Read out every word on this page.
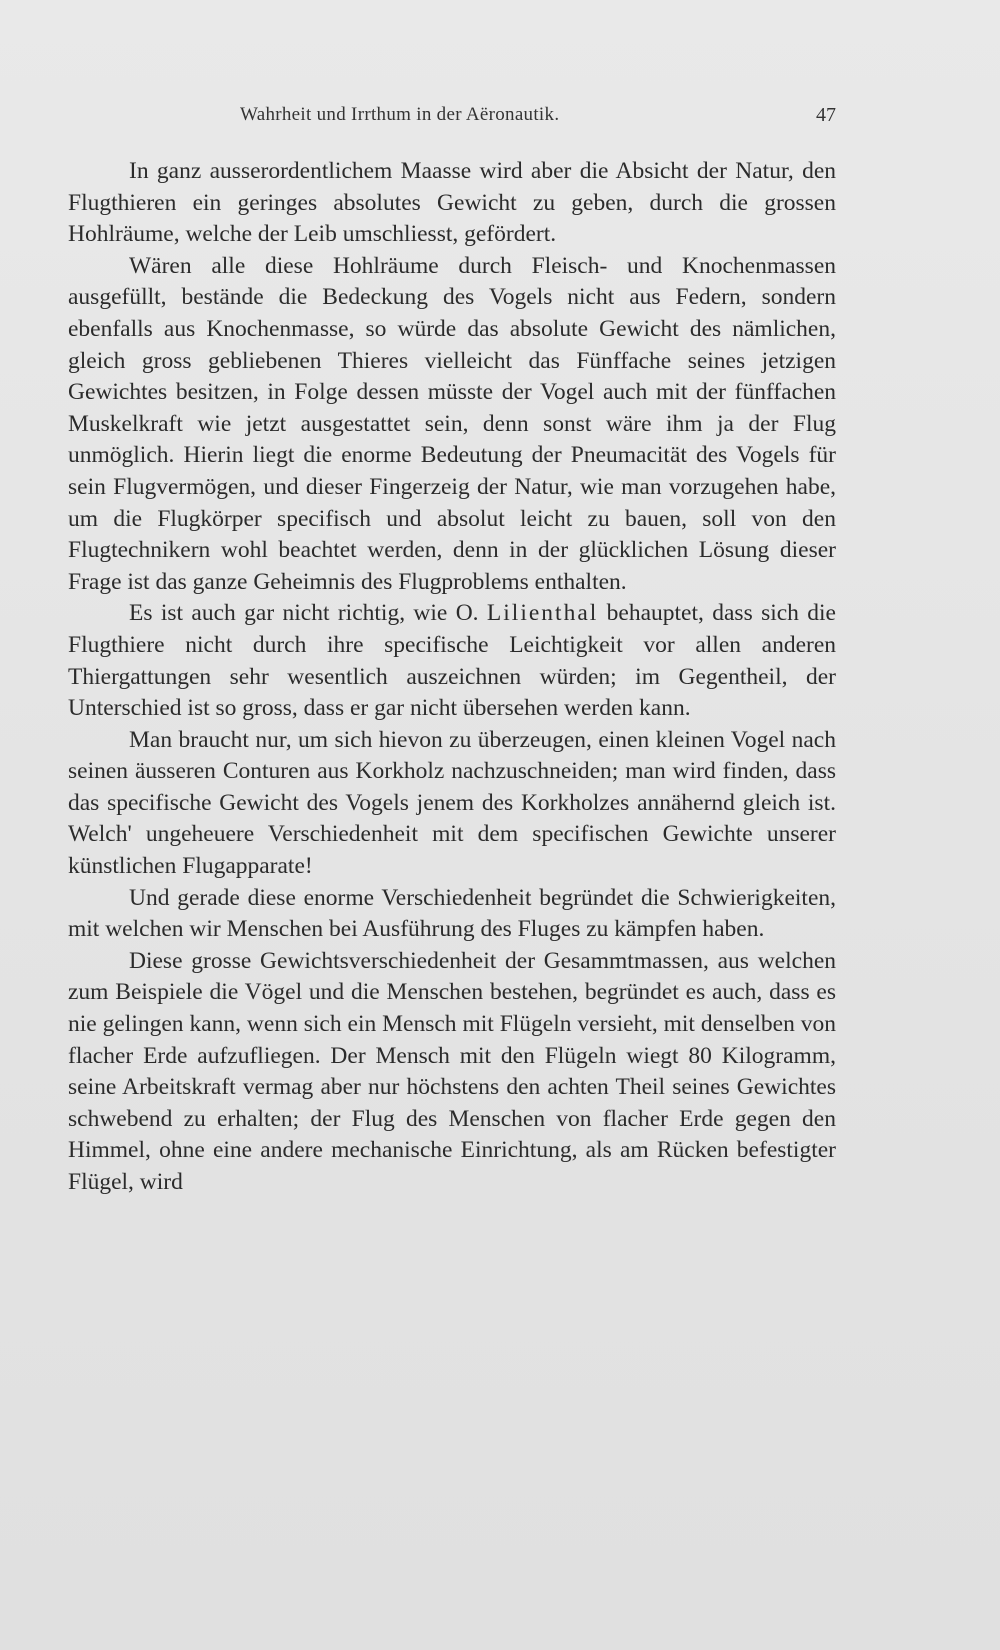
Wahrheit und Irrthum in der Aëronautik.	47

In ganz ausserordentlichem Maasse wird aber die Absicht der Natur, den Flugthieren ein geringes absolutes Gewicht zu geben, durch die grossen Hohlräume, welche der Leib umschliesst, gefördert.

Wären alle diese Hohlräume durch Fleisch- und Knochenmassen ausgefüllt, bestände die Bedeckung des Vogels nicht aus Federn, sondern ebenfalls aus Knochenmasse, so würde das absolute Gewicht des nämlichen, gleich gross gebliebenen Thieres vielleicht das Fünffache seines jetzigen Gewichtes besitzen, in Folge dessen müsste der Vogel auch mit der fünffachen Muskelkraft wie jetzt ausgestattet sein, denn sonst wäre ihm ja der Flug unmöglich. Hierin liegt die enorme Bedeutung der Pneumacität des Vogels für sein Flugvermögen, und dieser Fingerzeig der Natur, wie man vorzugehen habe, um die Flugkörper specifisch und absolut leicht zu bauen, soll von den Flugtechnikern wohl beachtet werden, denn in der glücklichen Lösung dieser Frage ist das ganze Geheimnis des Flugproblems enthalten.

Es ist auch gar nicht richtig, wie O. Lilienthal behauptet, dass sich die Flugthiere nicht durch ihre specifische Leichtigkeit vor allen anderen Thiergattungen sehr wesentlich auszeichnen würden; im Gegentheil, der Unterschied ist so gross, dass er gar nicht übersehen werden kann.

Man braucht nur, um sich hievon zu überzeugen, einen kleinen Vogel nach seinen äusseren Conturen aus Korkholz nachzuschneiden; man wird finden, dass das specifische Gewicht des Vogels jenem des Korkholzes annähernd gleich ist. Welch' ungeheuere Verschiedenheit mit dem specifischen Gewichte unserer künstlichen Flugapparate!

Und gerade diese enorme Verschiedenheit begründet die Schwierigkeiten, mit welchen wir Menschen bei Ausführung des Fluges zu kämpfen haben.

Diese grosse Gewichtsverschiedenheit der Gesammtmassen, aus welchen zum Beispiele die Vögel und die Menschen bestehen, begründet es auch, dass es nie gelingen kann, wenn sich ein Mensch mit Flügeln versieht, mit denselben von flacher Erde aufzufliegen. Der Mensch mit den Flügeln wiegt 80 Kilogramm, seine Arbeitskraft vermag aber nur höchstens den achten Theil seines Gewichtes schwebend zu erhalten; der Flug des Menschen von flacher Erde gegen den Himmel, ohne eine andere mechanische Einrichtung, als am Rücken befestigter Flügel, wird
